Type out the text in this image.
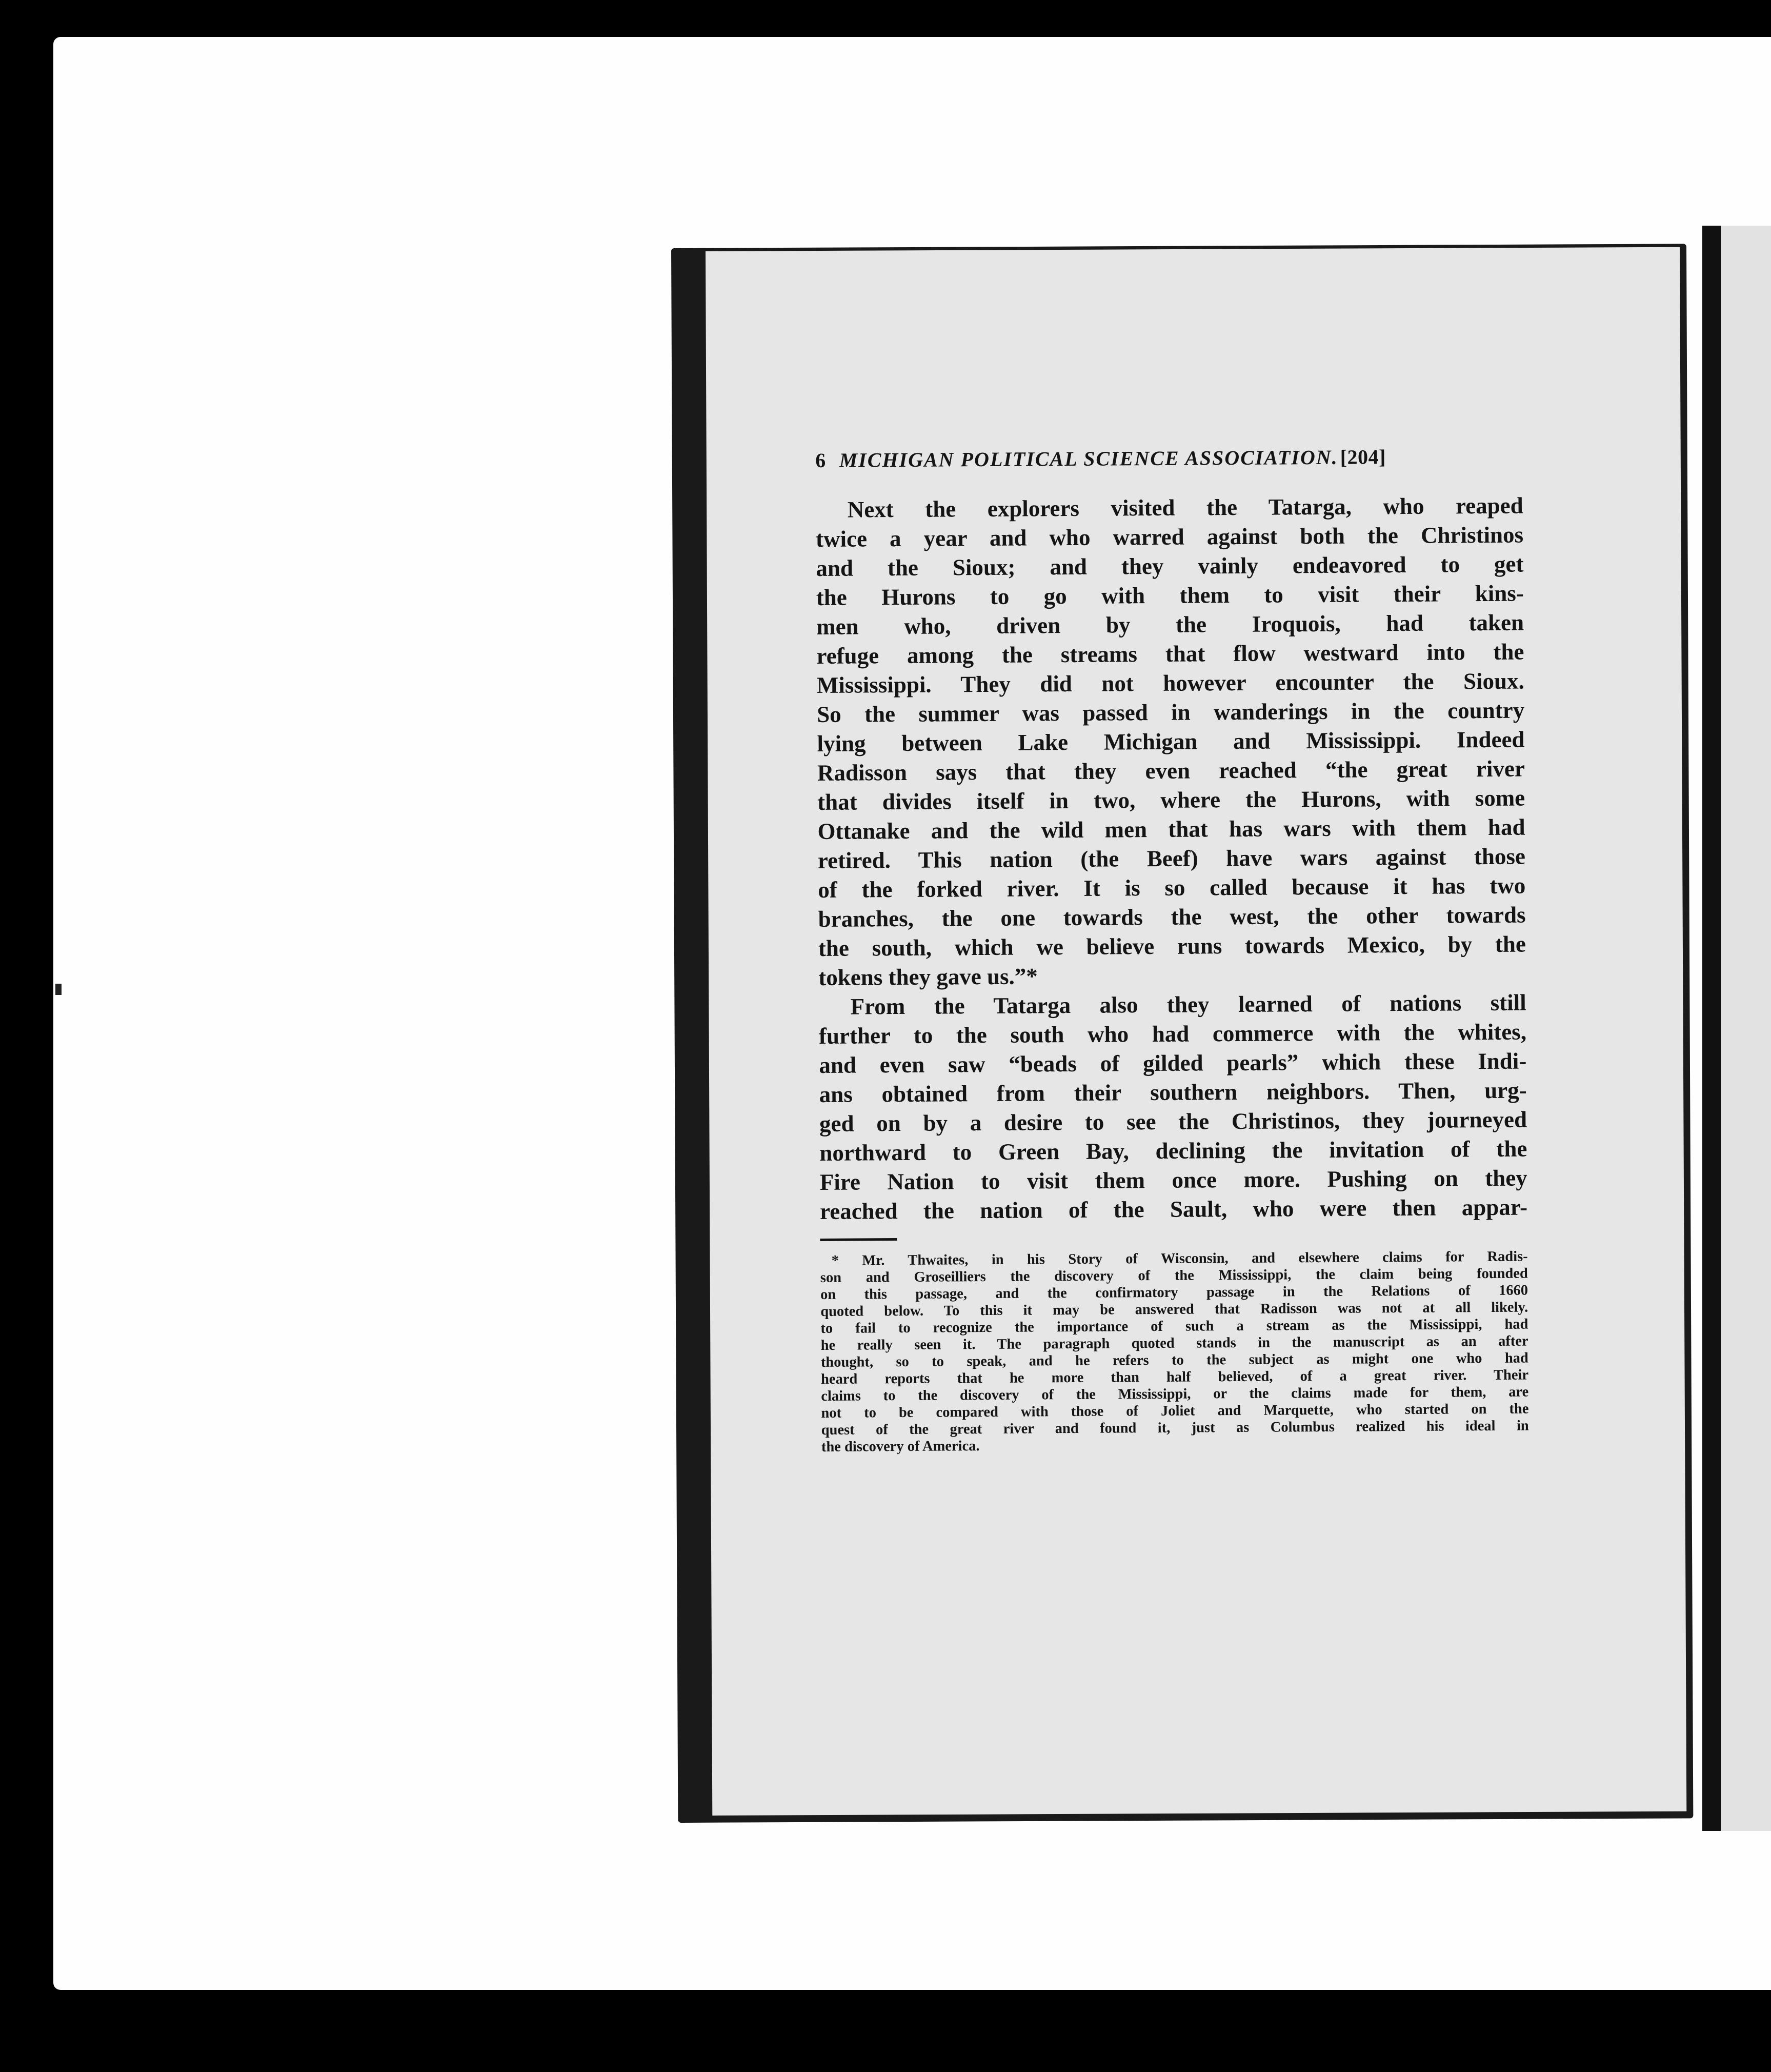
6 MICHIGAN POLITICAL SCIENCE ASSOCIATION. [204]
Next the explorers visited the Tatarga, who reaped
twice a year and who warred against both the Christinos
and the Sioux; and they vainly endeavored to get
the Hurons to go with them to visit their kins-
men who, driven by the Iroquois, had taken
refuge among the streams that flow westward into the
Mississippi. They did not however encounter the Sioux.
So the summer was passed in wanderings in the country
lying between Lake Michigan and Mississippi. Indeed
Radisson says that they even reached “the great river
that divides itself in two, where the Hurons, with some
Ottanake and the wild men that has wars with them had
retired. This nation (the Beef) have wars against those
of the forked river. It is so called because it has two
branches, the one towards the west, the other towards
the south, which we believe runs towards Mexico, by the
tokens they gave us.”*
From the Tatarga also they learned of nations still
further to the south who had commerce with the whites,
and even saw “beads of gilded pearls” which these Indi-
ans obtained from their southern neighbors. Then, urg-
ged on by a desire to see the Christinos, they journeyed
northward to Green Bay, declining the invitation of the
Fire Nation to visit them once more. Pushing on they
reached the nation of the Sault, who were then appar-
* Mr. Thwaites, in his Story of Wisconsin, and elsewhere claims for Radis-
son and Groseilliers the discovery of the Mississippi, the claim being founded
on this passage, and the confirmatory passage in the Relations of 1660
quoted below. To this it may be answered that Radisson was not at all likely.
to fail to recognize the importance of such a stream as the Mississippi, had
he really seen it. The paragraph quoted stands in the manuscript as an after
thought, so to speak, and he refers to the subject as might one who had
heard reports that he more than half believed, of a great river. Their
claims to the discovery of the Mississippi, or the claims made for them, are
not to be compared with those of Joliet and Marquette, who started on the
quest of the great river and found it, just as Columbus realized his ideal in
the discovery of America.
